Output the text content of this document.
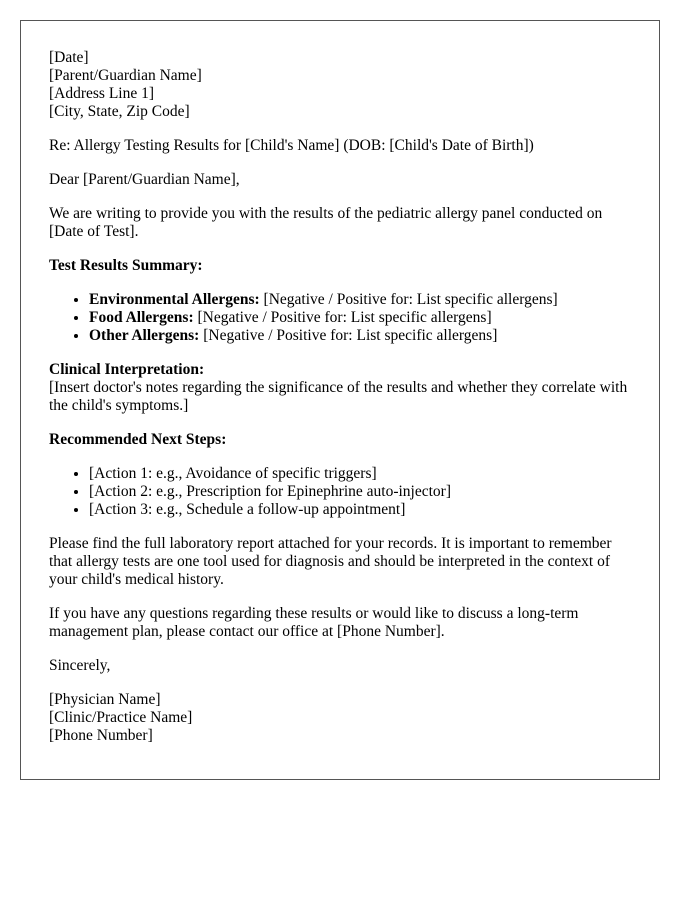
[Date]
[Parent/Guardian Name]
[Address Line 1]
[City, State, Zip Code]

Re: Allergy Testing Results for [Child's Name] (DOB: [Child's Date of Birth])

Dear [Parent/Guardian Name],

We are writing to provide you with the results of the pediatric allergy panel conducted on [Date of Test].

Test Results Summary:

• Environmental Allergens: [Negative / Positive for: List specific allergens]
• Food Allergens: [Negative / Positive for: List specific allergens]
• Other Allergens: [Negative / Positive for: List specific allergens]
Clinical Interpretation:
[Insert doctor's notes regarding the significance of the results and whether they correlate with the child's symptoms.]

Recommended Next Steps:

• [Action 1: e.g., Avoidance of specific triggers]
• [Action 2: e.g., Prescription for Epinephrine auto-injector]
• [Action 3: e.g., Schedule a follow-up appointment]

Please find the full laboratory report attached for your records. It is important to remember that allergy tests are one tool used for diagnosis and should be interpreted in the context of your child's medical history.

If you have any questions regarding these results or would like to discuss a long-term management plan, please contact our office at [Phone Number].

Sincerely,

[Physician Name]
[Clinic/Practice Name]
[Phone Number]
